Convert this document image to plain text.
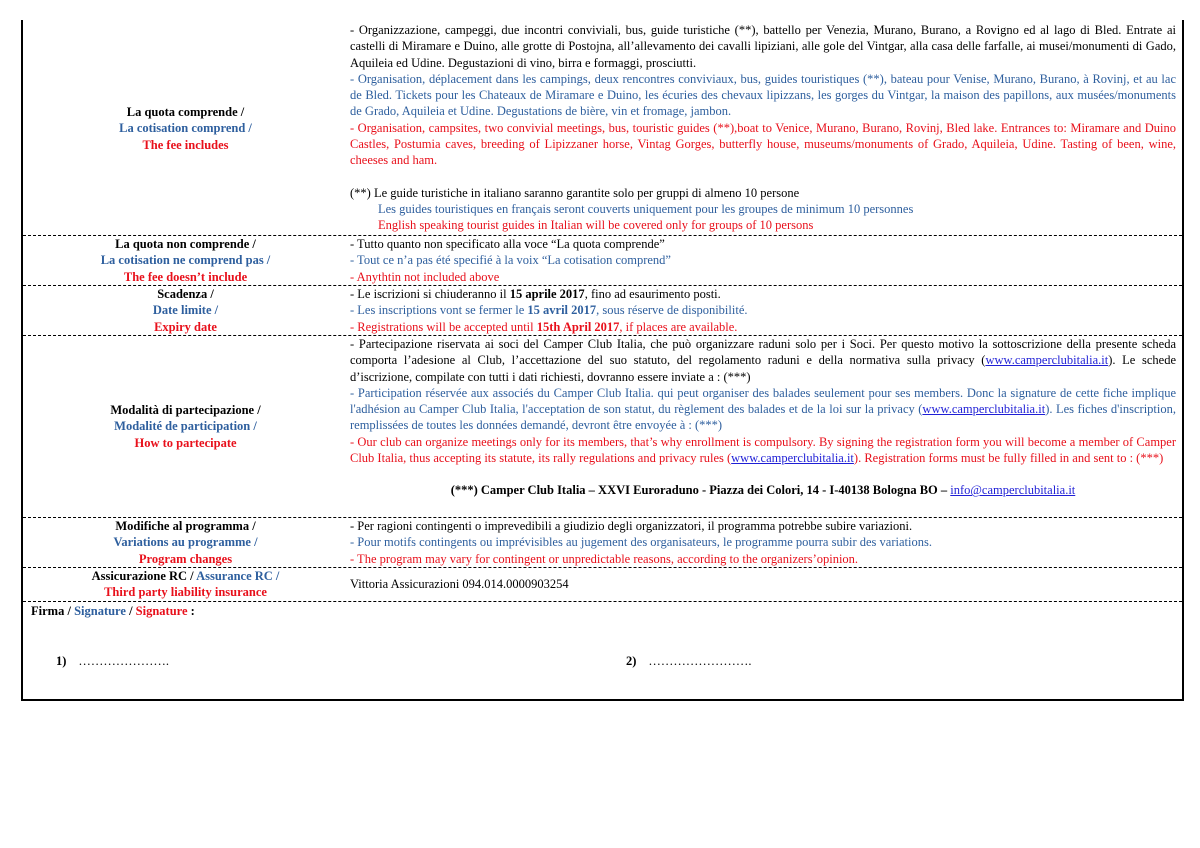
La quota comprende /
La cotisation comprend /
The fee includes

- Organizzazione, campeggi, due incontri conviviali, bus, guide turistiche (**), battello per Venezia, Murano, Burano, a Rovigno ed al lago di Bled. Entrate ai castelli di Miramare e Duino, alle grotte di Postojna, all’allevamento dei cavalli lipiziani, alle gole del Vintgar, alla casa delle farfalle, ai musei/monumenti di Gado, Aquileia ed Udine. Degustazioni di vino, birra e formaggi, prosciutti.

- Organisation, déplacement dans les campings, deux rencontres conviviaux, bus, guides touristiques (**), bateau pour Venise, Murano, Burano, à Rovinj, et au lac de Bled. Tickets pour les Chateaux de Miramare e Duino, les écuries des chevaux lipizzans, les gorges du Vintgar, la maison des papillons, aux musées/monuments de Grado, Aquileia et Udine. Degustations de bière, vin et fromage, jambon.

- Organisation, campsites, two convivial meetings, bus, touristic guides (**),boat to Venice, Murano, Burano, Rovinj, Bled lake. Entrances to: Miramare and Duino Castles, Postumia caves, breeding of Lipizzaner horse, Vintag Gorges, butterfly house, museums/monuments of Grado, Aquileia, Udine. Tasting of been, wine, cheeses and ham.

(**) Le guide turistiche in italiano saranno garantite solo per gruppi di almeno 10 persone
Les guides touristiques en français seront couverts uniquement pour les groupes de minimum 10 personnes
English speaking tourist guides in Italian will be covered only for groups of 10 persons

La quota non comprende /
La cotisation ne comprend pas /
The fee doesn’t include

- Tutto quanto non specificato alla voce “La quota comprende”

- Tout ce n’a pas été specifié à la voix “La cotisation comprend”

- Anythtin not included above

Scadenza /
Date limite /
Expiry date

- Le iscrizioni si chiuderanno il 15 aprile 2017, fino ad esaurimento posti.

- Les inscriptions vont se fermer le 15 avril 2017, sous réserve de disponibilité.

- Registrations will be accepted until 15th April 2017, if places are available.

Modalità di partecipazione /
Modalité de participation /
How to partecipate

- Partecipazione riservata ai soci del Camper Club Italia, che può organizzare raduni solo per i Soci. Per questo motivo la sottoscrizione della presente scheda comporta l’adesione al Club, l’accettazione del suo statuto, del regolamento raduni e della normativa sulla privacy (www.camperclubitalia.it). Le schede d’iscrizione, compilate con tutti i dati richiesti, dovranno essere inviate a : (***)

- Participation réservée aux associés du Camper Club Italia. qui peut organiser des balades seulement pour ses members. Donc la signature de cette fiche implique l'adhésion au Camper Club Italia, l'acceptation de son statut, du règlement des balades et de la loi sur la privacy (www.camperclubitalia.it). Les fiches d'inscription, remplissées de toutes les données demandé, devront être envoyée à : (***)

- Our club can organize meetings only for its members, that’s why enrollment is compulsory. By signing the registration form you will become a member of Camper Club Italia, thus accepting its statute, its rally regulations and privacy rules (www.camperclubitalia.it). Registration forms must be fully filled in and sent to : (***)

(***) Camper Club Italia – XXVI Euroraduno - Piazza dei Colori, 14 - I-40138 Bologna BO – info@camperclubitalia.it

Modifiche al programma /
Variations au programme /
Program changes

- Per ragioni contingenti o imprevedibili a giudizio degli organizzatori, il programma potrebbe subire variazioni.

- Pour motifs contingents ou imprévisibles au jugement des organisateurs, le programme pourra subir des variations.

- The program may vary for contingent or unpredictable reasons, according to the organizers’opinion.

Assicurazione RC / Assurance RC /
Third party liability insurance

Vittoria Assicurazioni 094.014.0000903254

Firma / Signature / Signature :
1) ………………….	2) …………………….
